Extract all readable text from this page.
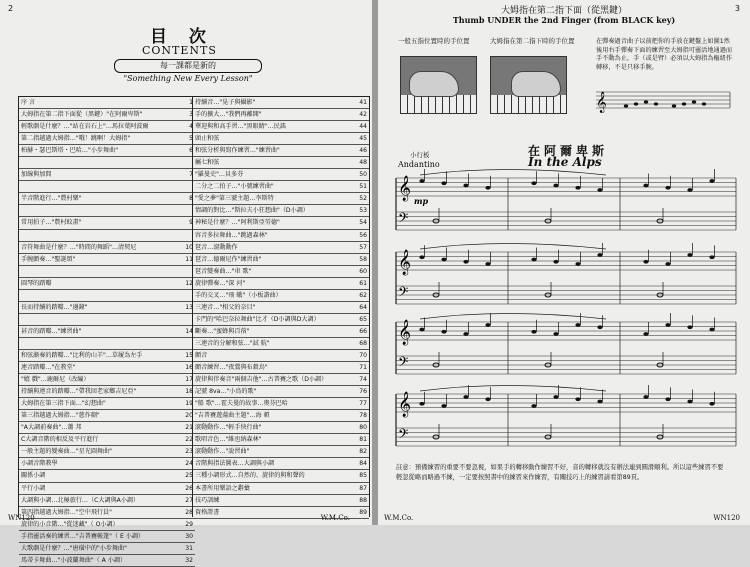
2
目 次
CONTENTS
每一課都是新的
"Something New Every Lesson"
序 言	1
大姆指在第二指下面從（黑鍵）"在阿爾卑斯"	3
輕歌劇是什麼？…"站在岩石上"…馬拉葉阿波爾	4
第二指越過大姆指…"哦！跳啊！大姆指"	5
柏赫・瑟巴斯塔・巴哈…"小步舞曲"	6
加線與加間	7
半音階進行…"農村樂"	8
常用拍子…"農村蚊畫"	9
音符舞曲是什麼？…"時間的舞蹈"…清契尼	10
手腕顫奏…"聖誕頌"	11
圓琴的踏瓣	12
長而持續的踏瓣…"邊鐘"	13
甚音的踏瓣…"練習曲"	14
和弦漸奏的踏瓣…"比利的山羊"…草履為左手	15
連音踏瓣…"在教堂"	16
"嬉 戲"…鹿爾尼（改編）	17
持續與連音的踏瓣…"帶我回老家鄉吉尼亞"	18
大姆指在第三指下面…"幻想曲"	19
第三指越過大姆指…"慈作劇"	20
"A大調前奏曲"…蕭 邦	21
C大調音階的相反及平行進行	22
一般主題的變奏曲…"星光圓舞曲"	23
小調音階教學	24
關係小調	25
平行小調	26
大調與小調…北極旅行…（C大調與A小調）	27
第四指越過大姆指…"空中飛行員"	28
旋律的小音階…"從迷藏"（ O小調）	29
手指靈活奏的練習…"吉普賽帳篷"（ E 小調）	30
大歌劇是什麼？…"唐璜中的"小步舞曲"	31
馬蒂卡舞曲…"小波蘭舞曲"（ A 小調）	32
持續音…"晃子與攝影"	41
手的擴大…"我們再離開"	42
華迎與和高手習…"黑眼睛"…民謠	44
頭止和弦	45
和弦分析與寫作練習…"練習曲"	46
屬七和弦	48
"羅曼史"…貝多芬	50
二分之二拍子…"小號練習曲"	51
"愛之夢"第三號主題…李斯特	52
情調的對比…"斯拉夫小狂想曲"（D小調）	53
神秘是什麼？…"阿利斯亞勞德"	54
容音多拉舞曲…"跳過森林"	56
琶音…滾動動作	57
琶音…德爾尼作"練習曲"	58
琶音變奏曲…"車 歌"	60
旋律彈奏…"深 河"	61
手的交叉…"飛 蛾"（小板諧曲）	62
三連音…"相父的奈目"	64
卡門的"哈巴奈拉舞曲"比才（D小調與D大調）	65
斷奏…"蜜蜂與百蓿"	66
三連音的分解和弦…"試 航"	68
顫音	70
顫音練習…"夜鶯與布穀鳥"	71
旋律與伴奏音"兩個吉他"…古普賽之歌（D小調）	74
記號 8va…"小鳥的歌"	76
"船 歌"…霍夫曼的故事…奧芬巴哈	77
"吉普賽遊蕩曲主題"…海 頓	78
滾動動作…"輕手快行曲"	80
歌唱音色…"維也納森林"	81
滾動動作…"說習曲"	82
音階與指法圖表…大調與小調	84
三種小調形式…自然的、旋律的與和聲的	85
本書所用樂語之辭彙	87
技巧訓練	88
資格證書	89
WN120	W.M.Co.
3
大姆指在第二指下面（從黑鍵）
Thumb UNDER the 2nd Finger (from BLACK key)
一般五指位置時的手位置	大姆指在第二指下時的手位置	在彈奏過音曲子以前把你的手放在鍵盤上如圖1然後用右手彈奏下面的練習至大姆指可靈活地通過而手不動為止，手（或是臂）必須以大姆指為樞紐作轉移，不是只移手腕。
𝄞
小行板
Andantino
在阿爾卑斯
In the Alps
𝄞
𝄢
𝄞
𝄢
𝄞
𝄢
𝄞
𝄢
mp
註意：預備練習的重要不要忽視，如果手的轉移動作練習不好，音的轉移就沒有辦法連到圓滑順利。所以這些練習不要輕忽從略而略過不練，一定要按照書中的練習來作練習，有關技巧上的練習請看第89頁。
W.M.Co.	WN120
